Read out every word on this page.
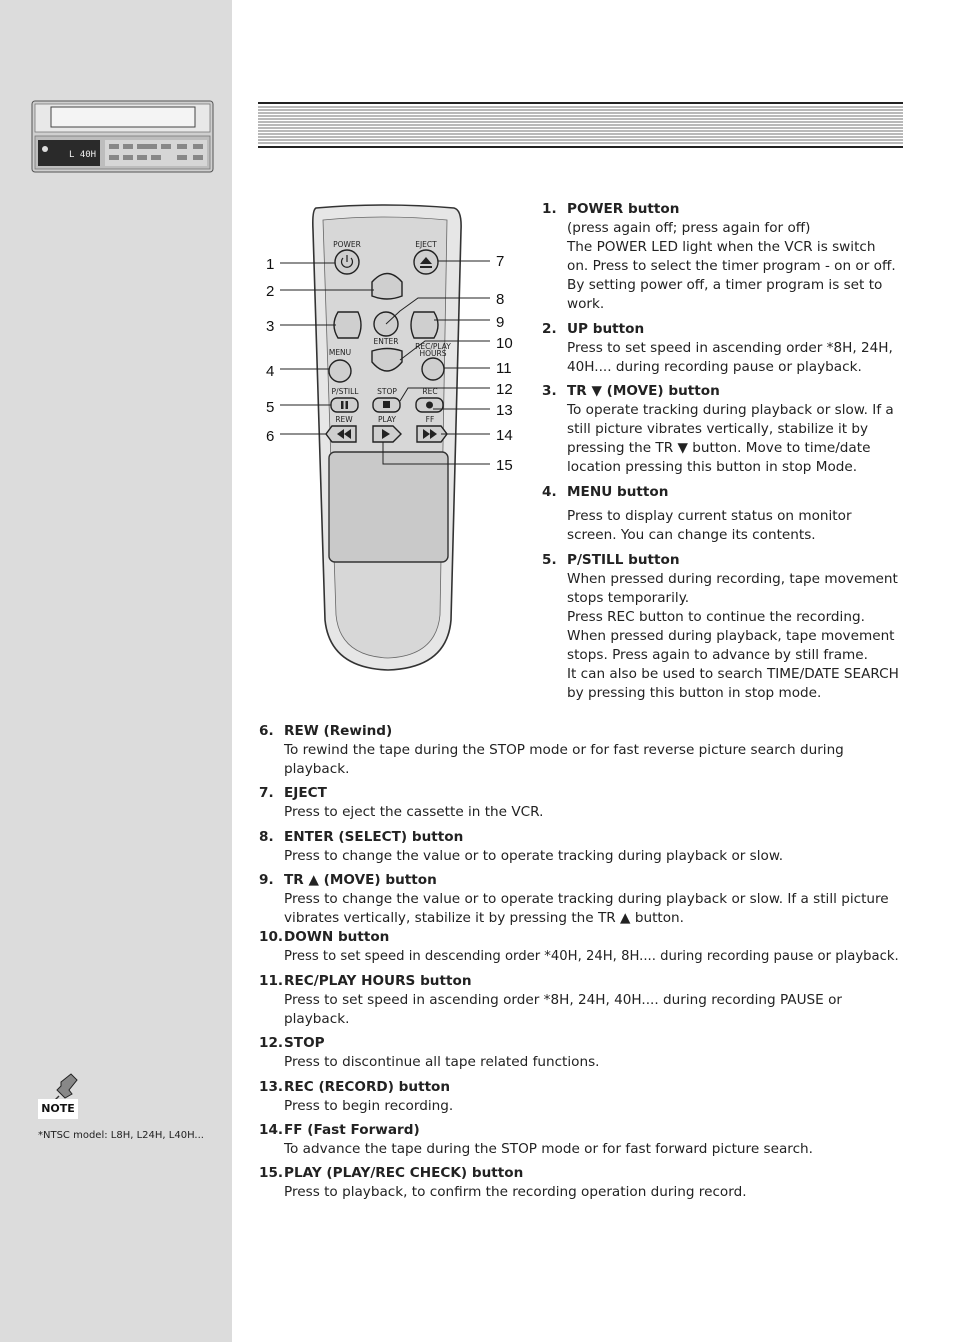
L 40H
POWER	EJECT
ENTER
MENU
REC/PLAY
HOURS
P/STILL STOP	REC
REW	PLAY	FF
1
2
3
4
5
6
7
8
9
10
11
12
13
14
15
1. POWER button
(press again off; press again for off)
The POWER LED light when the VCR is switch on. Press to select the timer program - on or off. By setting power off, a timer program is set to work.
2. UP button
Press to set speed in ascending order *8H, 24H, 40H.... during recording pause or playback.
3. TR ▼ (MOVE) button
To operate tracking during playback or slow. If a still picture vibrates vertically, stabilize it by pressing the TR ▼ button. Move to time/date location pressing this button in stop Mode.
4. MENU button
Press to display current status on monitor screen. You can change its contents.
5. P/STILL button
When pressed during recording, tape movement stops temporarily.
Press REC button to continue the recording.
When pressed during playback, tape movement stops. Press again to advance by still frame.
It can also be used to search TIME/DATE SEARCH by pressing this button in stop mode.
6. REW (Rewind)
To rewind the tape during the STOP mode or for fast reverse picture search during playback.
7. EJECT
Press to eject the cassette in the VCR.
8. ENTER (SELECT) button
Press to change the value or to operate tracking during playback or slow.
9. TR ▲ (MOVE) button
Press to change the value or to operate tracking during playback or slow. If a still picture vibrates vertically, stabilize it by pressing the TR ▲ button.
10. DOWN button
Press to set speed in descending order *40H, 24H, 8H.... during recording pause or playback.
11. REC/PLAY HOURS button
Press to set speed in ascending order *8H, 24H, 40H.... during recording PAUSE or playback.
12. STOP
Press to discontinue all tape related functions.
13. REC (RECORD) button
Press to begin recording.
14. FF (Fast Forward)
To advance the tape during the STOP mode or for fast forward picture search.
15. PLAY (PLAY/REC CHECK) button
Press to playback, to confirm the recording operation during record.
NOTE
*NTSC model: L8H, L24H, L40H...
